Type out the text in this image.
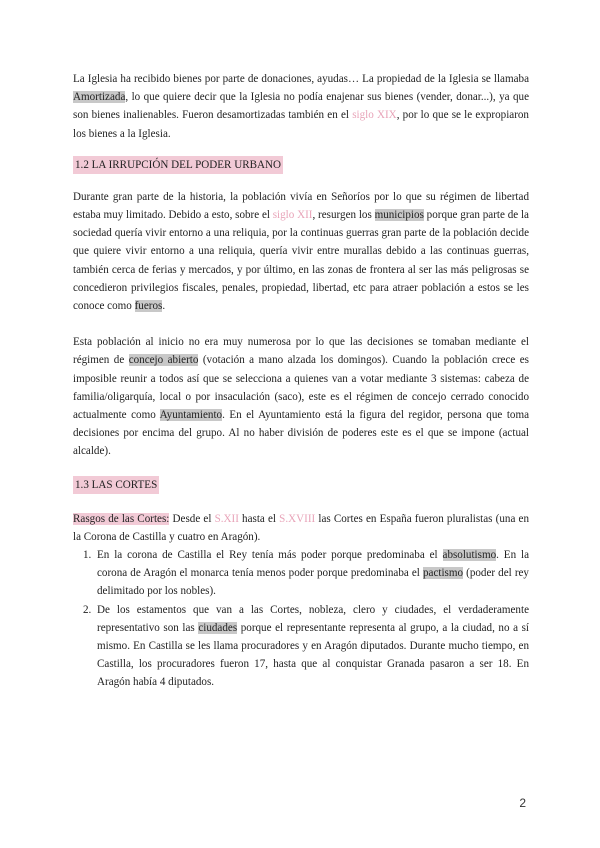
La Iglesia ha recibido bienes por parte de donaciones, ayudas… La propiedad de la Iglesia se llamaba Amortizada, lo que quiere decir que la Iglesia no podía enajenar sus bienes (vender, donar...), ya que son bienes inalienables. Fueron desamortizadas también en el siglo XIX, por lo que se le expropiaron los bienes a la Iglesia.

1.2 LA IRRUPCIÓN DEL PODER URBANO

Durante gran parte de la historia, la población vivía en Señoríos por lo que su régimen de libertad estaba muy limitado. Debido a esto, sobre el siglo XII, resurgen los municipios porque gran parte de la sociedad quería vivir entorno a una reliquia, por la continuas guerras gran parte de la población decide que quiere vivir entorno a una reliquia, quería vivir entre murallas debido a las continuas guerras, también cerca de ferias y mercados, y por último, en las zonas de frontera al ser las más peligrosas se concedieron privilegios fiscales, penales, propiedad, libertad, etc para atraer población a estos se les conoce como fueros.

Esta población al inicio no era muy numerosa por lo que las decisiones se tomaban mediante el régimen de concejo abierto (votación a mano alzada los domingos). Cuando la población crece es imposible reunir a todos así que se selecciona a quienes van a votar mediante 3 sistemas: cabeza de familia/oligarquía, local o por insaculación (saco), este es el régimen de concejo cerrado conocido actualmente como Ayuntamiento. En el Ayuntamiento está la figura del regidor, persona que toma decisiones por encima del grupo. Al no haber división de poderes este es el que se impone (actual alcalde).

1.3 LAS CORTES

Rasgos de las Cortes: Desde el S.XII hasta el S.XVIII las Cortes en España fueron pluralistas (una en la Corona de Castilla y cuatro en Aragón).

1. En la corona de Castilla el Rey tenía más poder porque predominaba el absolutismo. En la corona de Aragón el monarca tenía menos poder porque predominaba el pactismo (poder del rey delimitado por los nobles).
2. De los estamentos que van a las Cortes, nobleza, clero y ciudades, el verdaderamente representativo son las ciudades porque el representante representa al grupo, a la ciudad, no a sí mismo. En Castilla se les llama procuradores y en Aragón diputados. Durante mucho tiempo, en Castilla, los procuradores fueron 17, hasta que al conquistar Granada pasaron a ser 18. En Aragón había 4 diputados.
2
